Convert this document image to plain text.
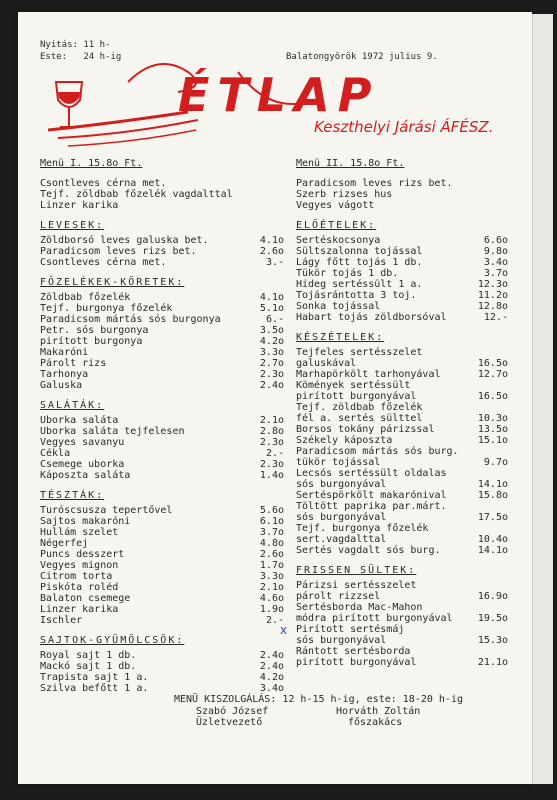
Nyitás: 11 h-
Este:   24 h-ig	Balatongyörök 1972 julius 9.
ÉTLAP
Keszthelyi Járási ÁFÉSZ.
Menü I. 15.8o Ft.
Csontleves cérna met.
Tejf. zöldbab főzelék vagdalttal
Linzer karika
LEVESEK:
Zöldborsó leves galuska bet.	4.1o
Paradicsom leves rizs bet.	2.6o
Csontleves cérna met.	3.-
FŐZELÉKEK-KÖRETEK:
Zöldbab főzelék	4.1o
Tejf. burgonya főzelék	5.1o
Paradicsom mártás sós burgonya	6.-
Petr. sós burgonya	3.5o
pirított burgonya	4.2o
Makaróni	3.3o
Párolt rizs	2.7o
Tarhonya	2.3o
Galuska	2.4o
SALÁTÁK:
Uborka saláta	2.1o
Uborka saláta tejfelesen	2.8o
Vegyes savanyu	2.3o
Cékla	2.-
Csemege uborka	2.3o
Káposzta saláta	1.4o
TÉSZTÁK:
Turóscsusza tepertővel	5.6o
Sajtos makaróni	6.1o
Hullám szelet	3.7o
Négerfej	4.8o
Puncs desszert	2.6o
Vegyes mignon	1.7o
Citrom torta	3.3o
Piskóta roléd	2.1o
Balaton csemege	4.6o
Linzer karika	1.9o
Ischler	2.-
SAJTOK-GYÜMÖLCSÖK:
Royal sajt 1 db.	2.4o
Mackó sajt 1 db.	2.4o
Trapista sajt 1 a.	4.2o
Szilva befőtt 1 a.	3.4o
Menü II. 15.8o Ft.
Paradicsom leves rizs bet.
Szerb rizses hus
Vegyes vágott
ELŐÉTELEK:
Sertéskocsonya	6.6o
Sültszalonna tojással	9.8o
Lágy főtt tojás 1 db.	3.4o
Tükör tojás 1 db.	3.7o
Hideg sertéssült 1 a.	12.3o
Tojásrántotta 3 toj.	11.2o
Sonka tojással	12.8o
Habart tojás zöldborsóval	12.-
KÉSZÉTELEK:
Tejfeles sertésszelet
galuskával	16.5o
Marhapörkölt tarhonyával	12.7o
Kömények sertéssült
pirított burgonyával	16.5o
Tejf. zöldbab főzelék
fél a. sertés sülttel	10.3o
Borsos tokány párizssal	13.5o
Székely káposzta	15.1o
Paradicsom mártás sós burg.
tükör tojással	9.7o
Lecsós sertéssült oldalas
sós burgonyával	14.1o
Sertéspörkölt makarónival	15.8o
Töltött paprika par.márt.
sós burgonyával	17.5o
Tejf. burgonya főzelék
sert.vagdalttal	10.4o
Sertés vagdalt sós burg.	14.1o
FRISSEN SÜLTEK:
Párizsi sertésszelet
párolt rizzsel	16.9o
Sertésborda Mac-Mahon
módra pirított burgonyával	19.5o
Pirított sertésmáj
sós burgonyával	15.3o
Rántott sertésborda
pirított burgonyával	21.1o
x
MENÜ KISZOLGÁLÁS: 12 h-15 h-ig, este: 18-20 h-ig
Szabó József
Üzletvezető
Horváth Zoltán
főszakács
